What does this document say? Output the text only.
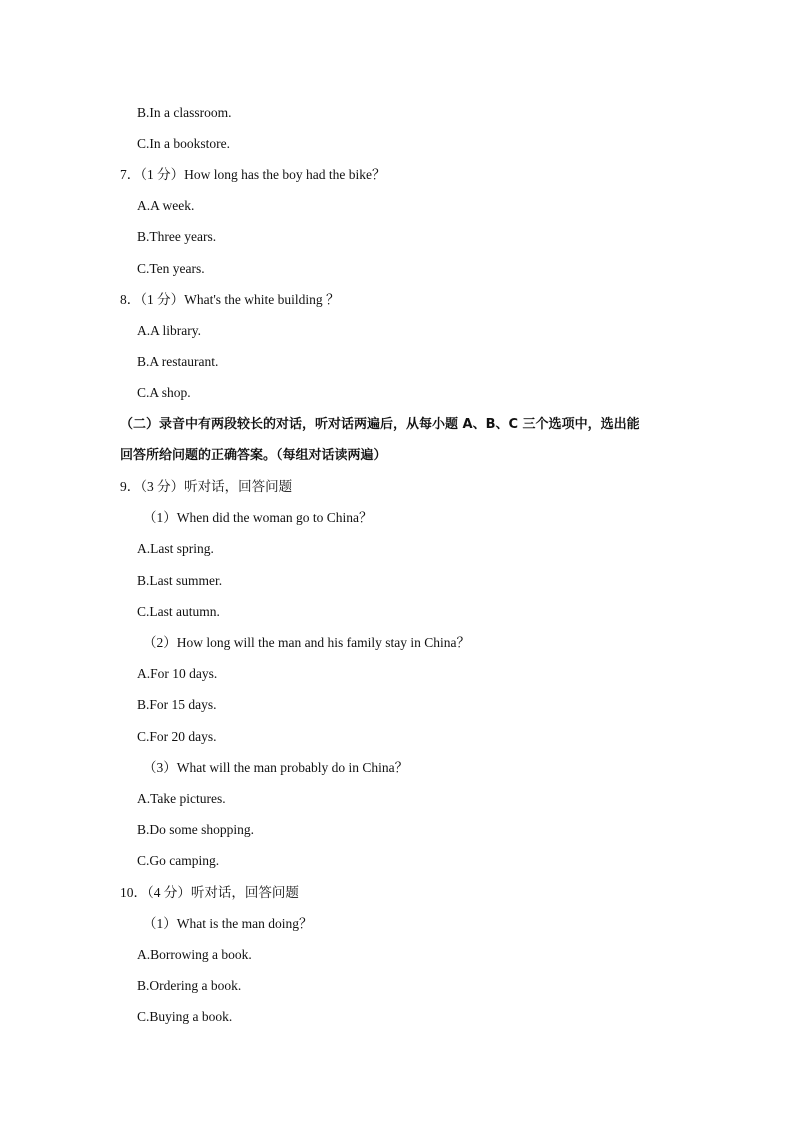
B.In a classroom.
C.In a bookstore.
7．（1 分）How long has the boy had the bike？
A.A week.
B.Three years.
C.Ten years.
8．（1 分）What's the white building ？
A.A library.
B.A restaurant.
C.A shop.
（二）录音中有两段较长的对话，听对话两遍后，从每小题 A、B、C 三个选项中，选出能
回答所给问题的正确答案。（每组对话读两遍）
9．（3 分）听对话，回答问题
（1）When did the woman go to China？
A.Last spring.
B.Last summer.
C.Last autumn.
（2）How long will the man and his family stay in China？
A.For 10 days.
B.For 15 days.
C.For 20 days.
（3）What will the man probably do in China？
A.Take pictures.
B.Do some shopping.
C.Go camping.
10．（4 分）听对话，回答问题
（1）What is the man doing？
A.Borrowing a book.
B.Ordering a book.
C.Buying a book.
